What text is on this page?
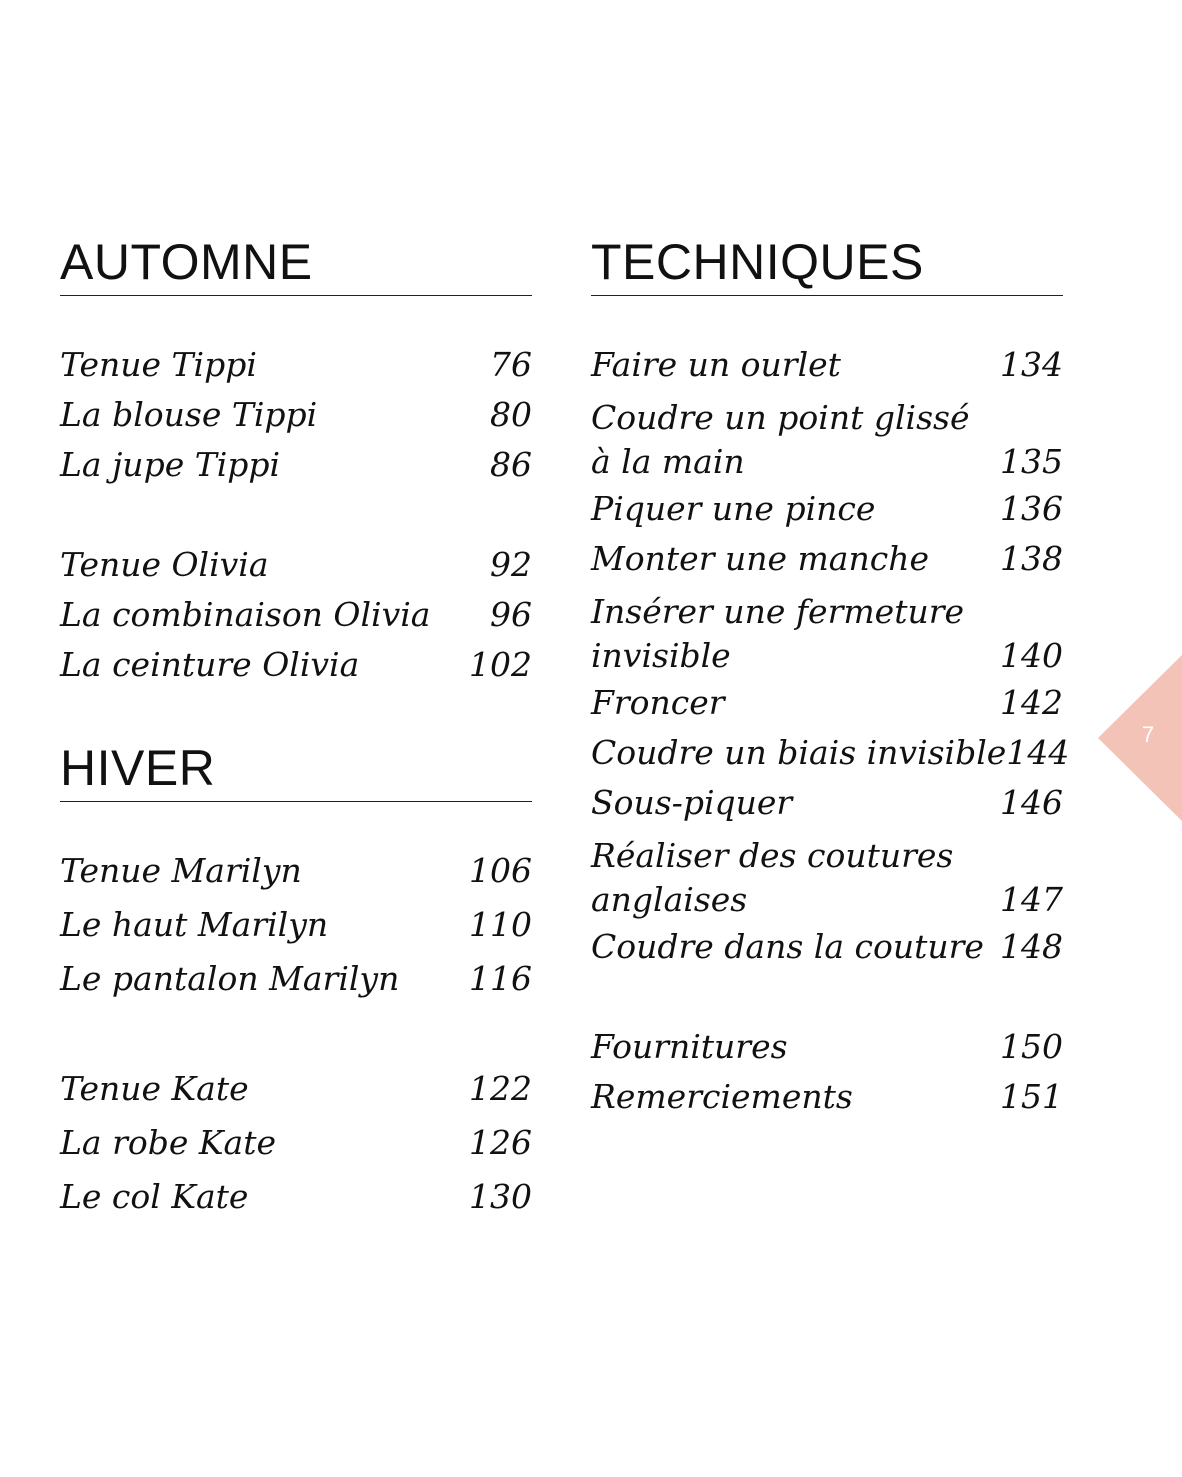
AUTOMNE
Tenue Tippi	76
La blouse Tippi	80
La jupe Tippi	86
Tenue Olivia	92
La combinaison Olivia 96
La ceinture Olivia	102
HIVER
Tenue Marilyn	106
Le haut Marilyn	110
Le pantalon Marilyn 116
Tenue Kate	122
La robe Kate	126
Le col Kate	130
TECHNIQUES
Faire un ourlet	134
Coudre un point glissé à la main	135
Piquer une pince	136
Monter une manche 138
Insérer une fermeture invisible	140
Froncer	142
Coudre un biais invisible 144
Sous-piquer	146
Réaliser des coutures anglaises	147
Coudre dans la couture 148
Fournitures	150
Remerciements	151
7
